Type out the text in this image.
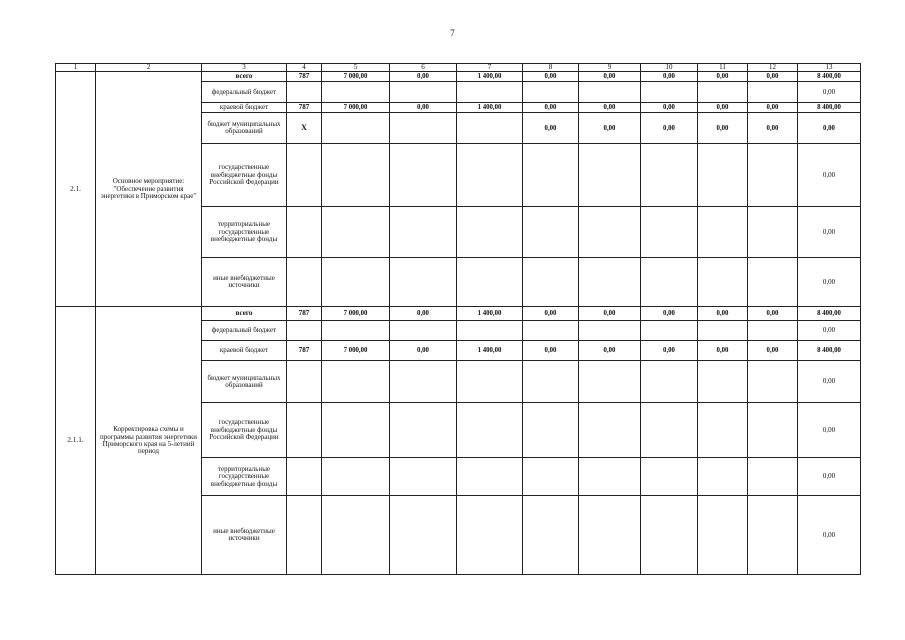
7
1	2	3	4	5	6	7	8	9	10	11	12	13
2.1.	Основное мероприятие: "Обеспечение развития энергетики в Приморском крае"	всего	787	7 000,00	0,00	1 400,00	0,00	0,00	0,00	0,00	0,00	8 400,00
		федеральный бюджет										0,00
		краевой бюджет	787	7 000,00	0,00	1 400,00	0,00	0,00	0,00	0,00	0,00	8 400,00
		бюджет муниципальных образований	X				0,00	0,00	0,00	0,00	0,00	0,00
		государственные внебюджетные фонды Российской Федерации										0,00
		территориальные государственные внебюджетные фонды										0,00
		иные внебюджетные источники										0,00
2.1.1.	Корректировка схемы и программы развития энергетики Приморского края на 5-летний период	всего	787	7 000,00	0,00	1 400,00	0,00	0,00	0,00	0,00	0,00	8 400,00
		федеральный бюджет										0,00
		краевой бюджет	787	7 000,00	0,00	1 400,00	0,00	0,00	0,00	0,00	0,00	8 400,00
		бюджет муниципальных образований										0,00
		государственные внебюджетные фонды Российской Федерации										0,00
		территориальные государственные внебюджетные фонды										0,00
		иные внебюджетные источники										0,00
